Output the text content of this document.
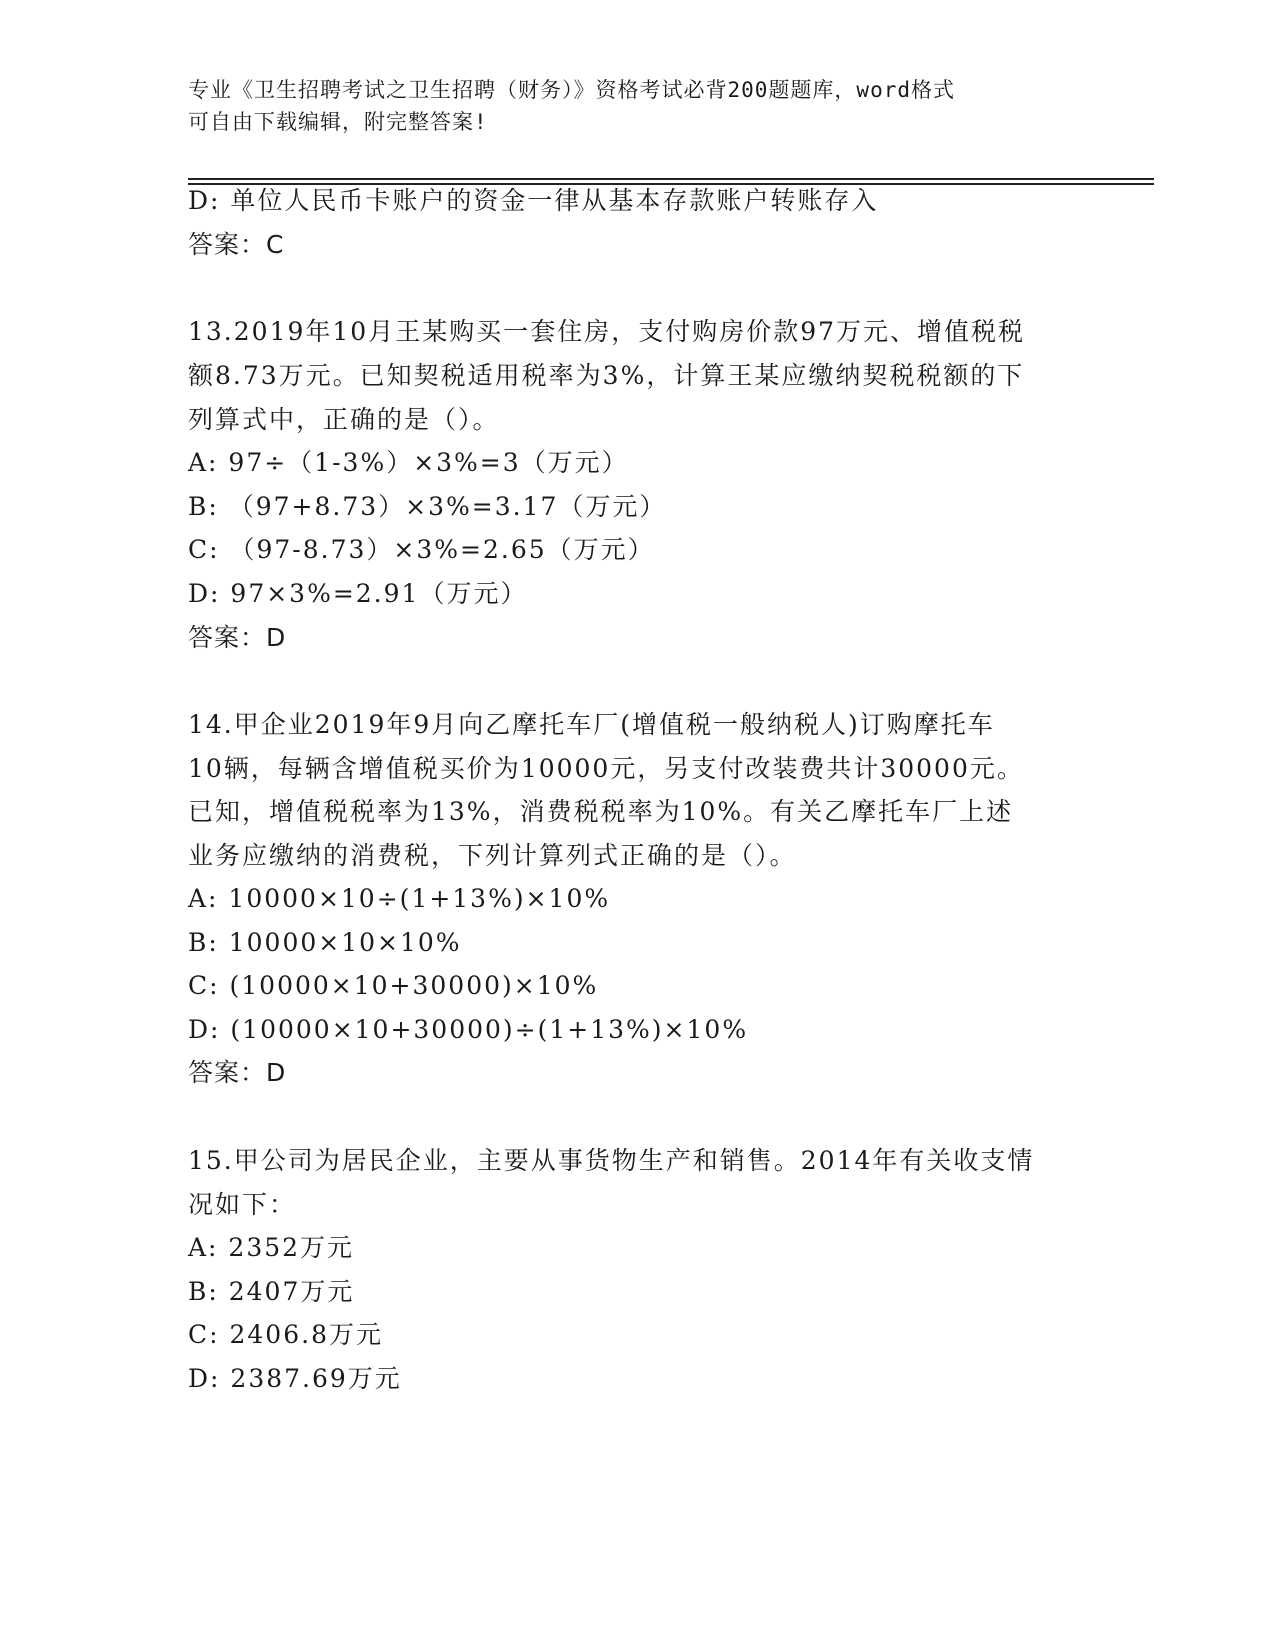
专业《卫生招聘考试之卫生招聘（财务）》资格考试必背200题题库，word格式
可自由下载编辑，附完整答案!
D: 单位人民币卡账户的资金一律从基本存款账户转账存入
答案：C
13.2019年10月王某购买一套住房，支付购房价款97万元、增值税税
额8.73万元。已知契税适用税率为3%，计算王某应缴纳契税税额的下
列算式中，正确的是（）。
A: 97÷（1-3%）×3%=3（万元）
B: （97+8.73）×3%=3.17（万元）
C: （97-8.73）×3%=2.65（万元）
D: 97×3%=2.91（万元）
答案：D
14.甲企业2019年9月向乙摩托车厂(增值税一般纳税人)订购摩托车
10辆，每辆含增值税买价为10000元，另支付改装费共计30000元。
已知，增值税税率为13%，消费税税率为10%。有关乙摩托车厂上述
业务应缴纳的消费税，下列计算列式正确的是（）。
A: 10000×10÷(1+13%)×10%
B: 10000×10×10%
C: (10000×10+30000)×10%
D: (10000×10+30000)÷(1+13%)×10%
答案：D
15.甲公司为居民企业，主要从事货物生产和销售。2014年有关收支情
况如下：
A: 2352万元
B: 2407万元
C: 2406.8万元
D: 2387.69万元
